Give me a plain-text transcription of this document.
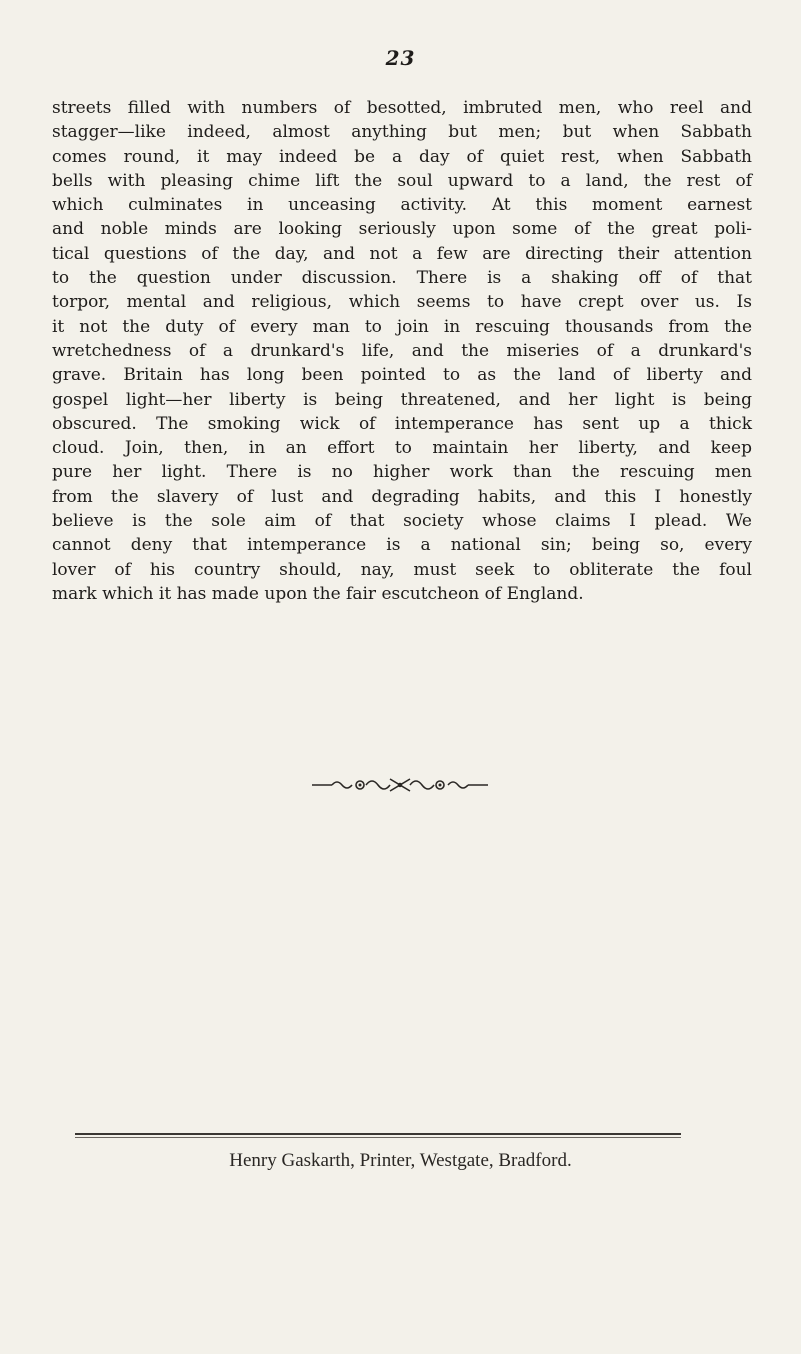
23

streets filled with numbers of besotted, imbruted men, who reel and
stagger—like indeed, almost anything but men; but when Sabbath
comes round, it may indeed be a day of quiet rest, when Sabbath
bells with pleasing chime lift the soul upward to a land, the rest of
which culminates in unceasing activity. At this moment earnest
and noble minds are looking seriously upon some of the great poli-
tical questions of the day, and not a few are directing their attention
to the question under discussion. There is a shaking off of that
torpor, mental and religious, which seems to have crept over us. Is
it not the duty of every man to join in rescuing thousands from the
wretchedness of a drunkard's life, and the miseries of a drunkard's
grave. Britain has long been pointed to as the land of liberty and
gospel light—her liberty is being threatened, and her light is being
obscured. The smoking wick of intemperance has sent up a thick
cloud. Join, then, in an effort to maintain her liberty, and keep
pure her light. There is no higher work than the rescuing men
from the slavery of lust and degrading habits, and this I honestly
believe is the sole aim of that society whose claims I plead. We
cannot deny that intemperance is a national sin; being so, every
lover of his country should, nay, must seek to obliterate the foul
mark which it has made upon the fair escutcheon of England.

Henry Gaskarth, Printer, Westgate, Bradford.
